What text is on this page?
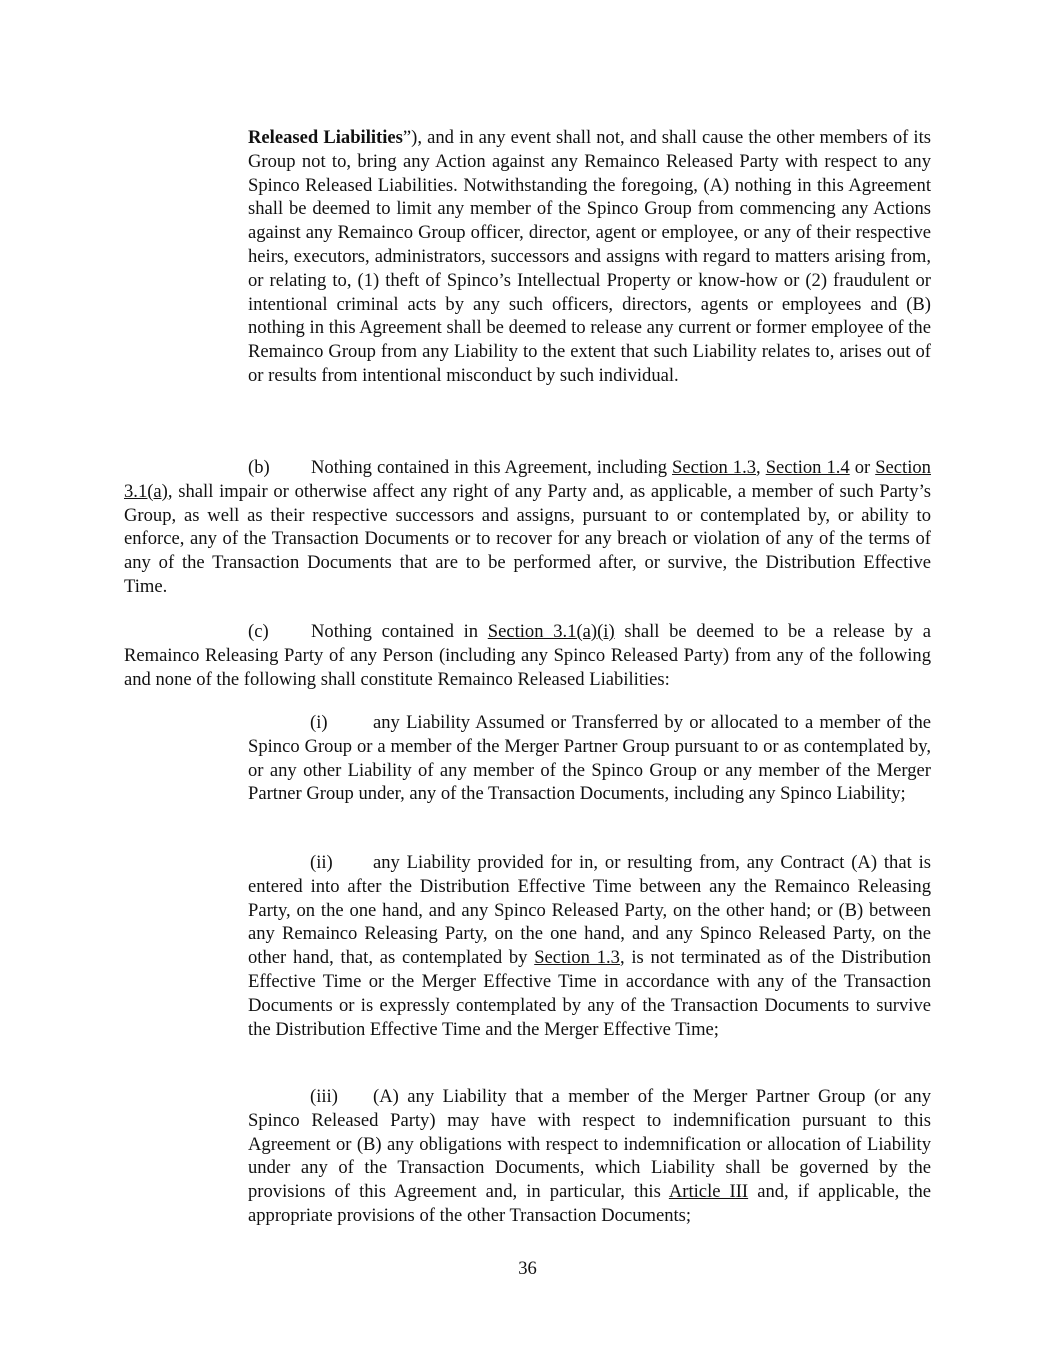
Released Liabilities”), and in any event shall not, and shall cause the other members of its Group not to, bring any Action against any Remainco Released Party with respect to any Spinco Released Liabilities. Notwithstanding the foregoing, (A) nothing in this Agreement shall be deemed to limit any member of the Spinco Group from commencing any Actions against any Remainco Group officer, director, agent or employee, or any of their respective heirs, executors, administrators, successors and assigns with regard to matters arising from, or relating to, (1) theft of Spinco’s Intellectual Property or know-how or (2) fraudulent or intentional criminal acts by any such officers, directors, agents or employees and (B) nothing in this Agreement shall be deemed to release any current or former employee of the Remainco Group from any Liability to the extent that such Liability relates to, arises out of or results from intentional misconduct by such individual.

(b) Nothing contained in this Agreement, including Section 1.3, Section 1.4 or Section 3.1(a), shall impair or otherwise affect any right of any Party and, as applicable, a member of such Party’s Group, as well as their respective successors and assigns, pursuant to or contemplated by, or ability to enforce, any of the Transaction Documents or to recover for any breach or violation of any of the terms of any of the Transaction Documents that are to be performed after, or survive, the Distribution Effective Time.

(c) Nothing contained in Section 3.1(a)(i) shall be deemed to be a release by a Remainco Releasing Party of any Person (including any Spinco Released Party) from any of the following and none of the following shall constitute Remainco Released Liabilities:

(i) any Liability Assumed or Transferred by or allocated to a member of the Spinco Group or a member of the Merger Partner Group pursuant to or as contemplated by, or any other Liability of any member of the Spinco Group or any member of the Merger Partner Group under, any of the Transaction Documents, including any Spinco Liability;

(ii) any Liability provided for in, or resulting from, any Contract (A) that is entered into after the Distribution Effective Time between any the Remainco Releasing Party, on the one hand, and any Spinco Released Party, on the other hand; or (B) between any Remainco Releasing Party, on the one hand, and any Spinco Released Party, on the other hand, that, as contemplated by Section 1.3, is not terminated as of the Distribution Effective Time or the Merger Effective Time in accordance with any of the Transaction Documents or is expressly contemplated by any of the Transaction Documents to survive the Distribution Effective Time and the Merger Effective Time;

(iii) (A) any Liability that a member of the Merger Partner Group (or any Spinco Released Party) may have with respect to indemnification pursuant to this Agreement or (B) any obligations with respect to indemnification or allocation of Liability under any of the Transaction Documents, which Liability shall be governed by the provisions of this Agreement and, in particular, this Article III and, if applicable, the appropriate provisions of the other Transaction Documents;

36
